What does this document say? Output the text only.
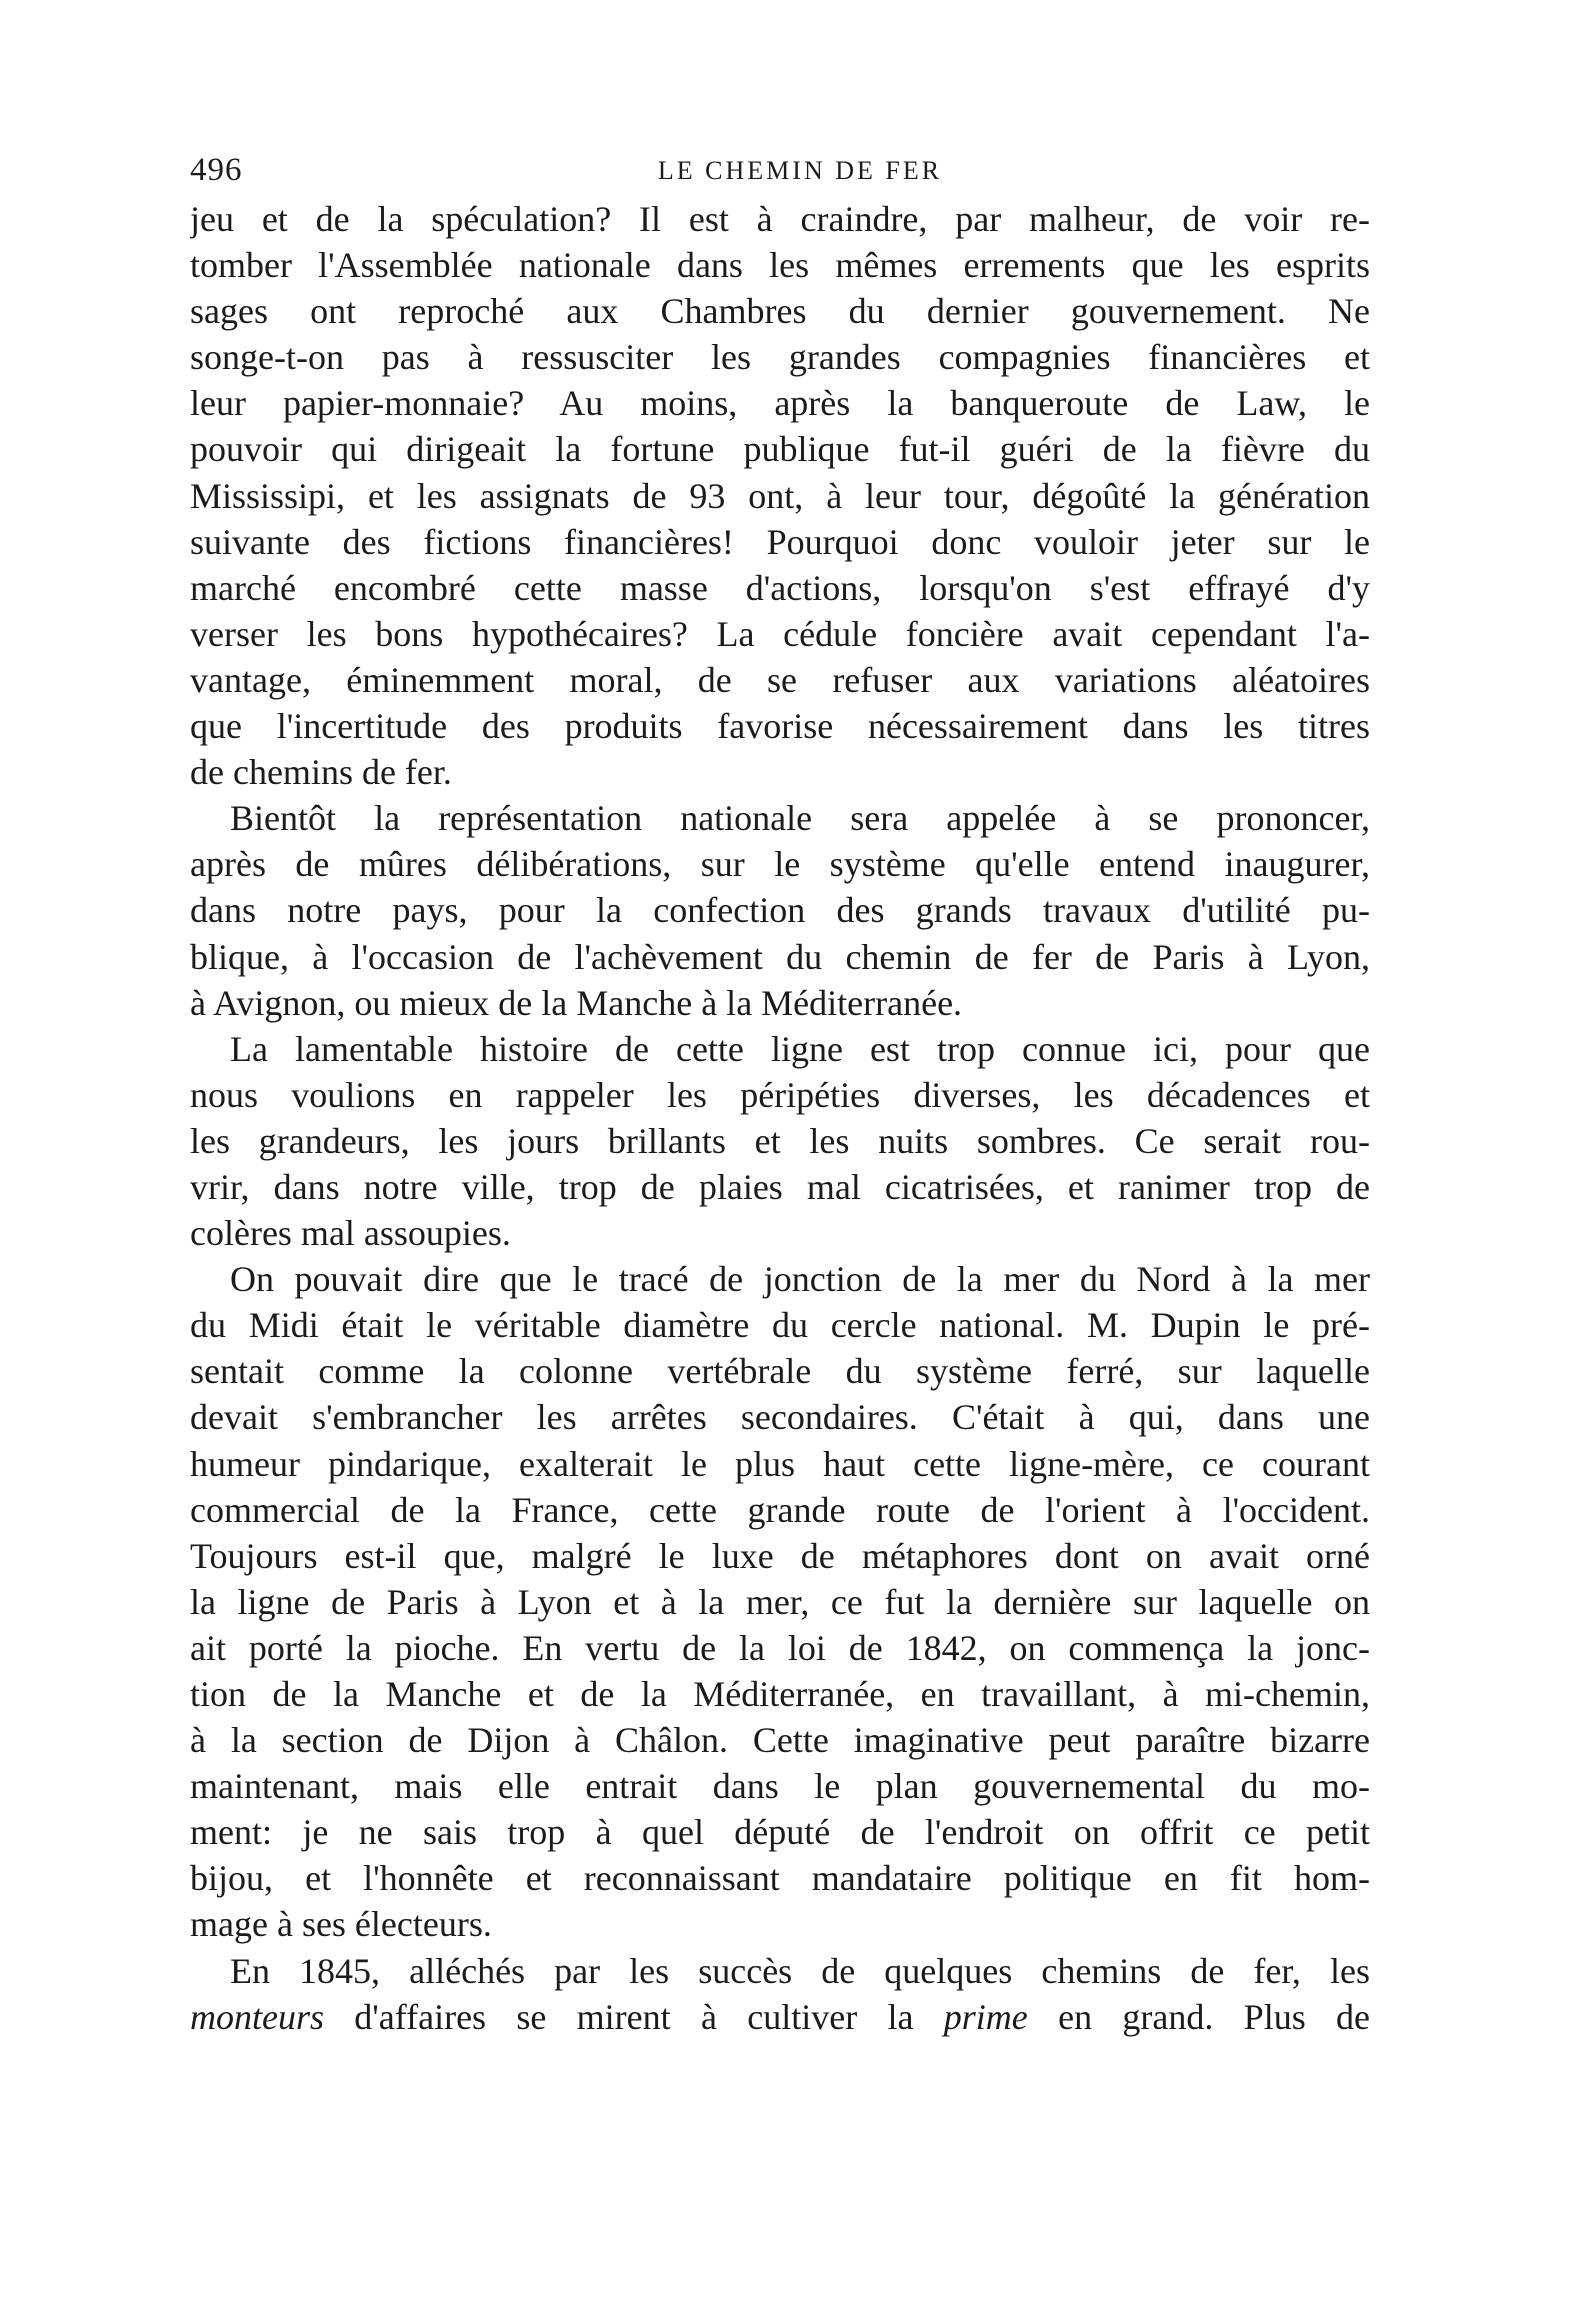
496	LE CHEMIN DE FER
jeu et de la spéculation? Il est à craindre, par malheur, de voir re-
tomber l'Assemblée nationale dans les mêmes errements que les esprits
sages ont reproché aux Chambres du dernier gouvernement. Ne
songe-t-on pas à ressusciter les grandes compagnies financières et
leur papier-monnaie? Au moins, après la banqueroute de Law, le
pouvoir qui dirigeait la fortune publique fut-il guéri de la fièvre du
Mississipi, et les assignats de 93 ont, à leur tour, dégoûté la génération
suivante des fictions financières! Pourquoi donc vouloir jeter sur le
marché encombré cette masse d'actions, lorsqu'on s'est effrayé d'y
verser les bons hypothécaires? La cédule foncière avait cependant l'a-
vantage, éminemment moral, de se refuser aux variations aléatoires
que l'incertitude des produits favorise nécessairement dans les titres
de chemins de fer.
Bientôt la représentation nationale sera appelée à se prononcer,
après de mûres délibérations, sur le système qu'elle entend inaugurer,
dans notre pays, pour la confection des grands travaux d'utilité pu-
blique, à l'occasion de l'achèvement du chemin de fer de Paris à Lyon,
à Avignon, ou mieux de la Manche à la Méditerranée.
La lamentable histoire de cette ligne est trop connue ici, pour que
nous voulions en rappeler les péripéties diverses, les décadences et
les grandeurs, les jours brillants et les nuits sombres. Ce serait rou-
vrir, dans notre ville, trop de plaies mal cicatrisées, et ranimer trop de
colères mal assoupies.
On pouvait dire que le tracé de jonction de la mer du Nord à la mer
du Midi était le véritable diamètre du cercle national. M. Dupin le pré-
sentait comme la colonne vertébrale du système ferré, sur laquelle
devait s'embrancher les arrêtes secondaires. C'était à qui, dans une
humeur pindarique, exalterait le plus haut cette ligne-mère, ce courant
commercial de la France, cette grande route de l'orient à l'occident.
Toujours est-il que, malgré le luxe de métaphores dont on avait orné
la ligne de Paris à Lyon et à la mer, ce fut la dernière sur laquelle on
ait porté la pioche. En vertu de la loi de 1842, on commença la jonc-
tion de la Manche et de la Méditerranée, en travaillant, à mi-chemin,
à la section de Dijon à Châlon. Cette imaginative peut paraître bizarre
maintenant, mais elle entrait dans le plan gouvernemental du mo-
ment: je ne sais trop à quel député de l'endroit on offrit ce petit
bijou, et l'honnête et reconnaissant mandataire politique en fit hom-
mage à ses électeurs.
En 1845, alléchés par les succès de quelques chemins de fer, les
monteurs d'affaires se mirent à cultiver la prime en grand. Plus de
